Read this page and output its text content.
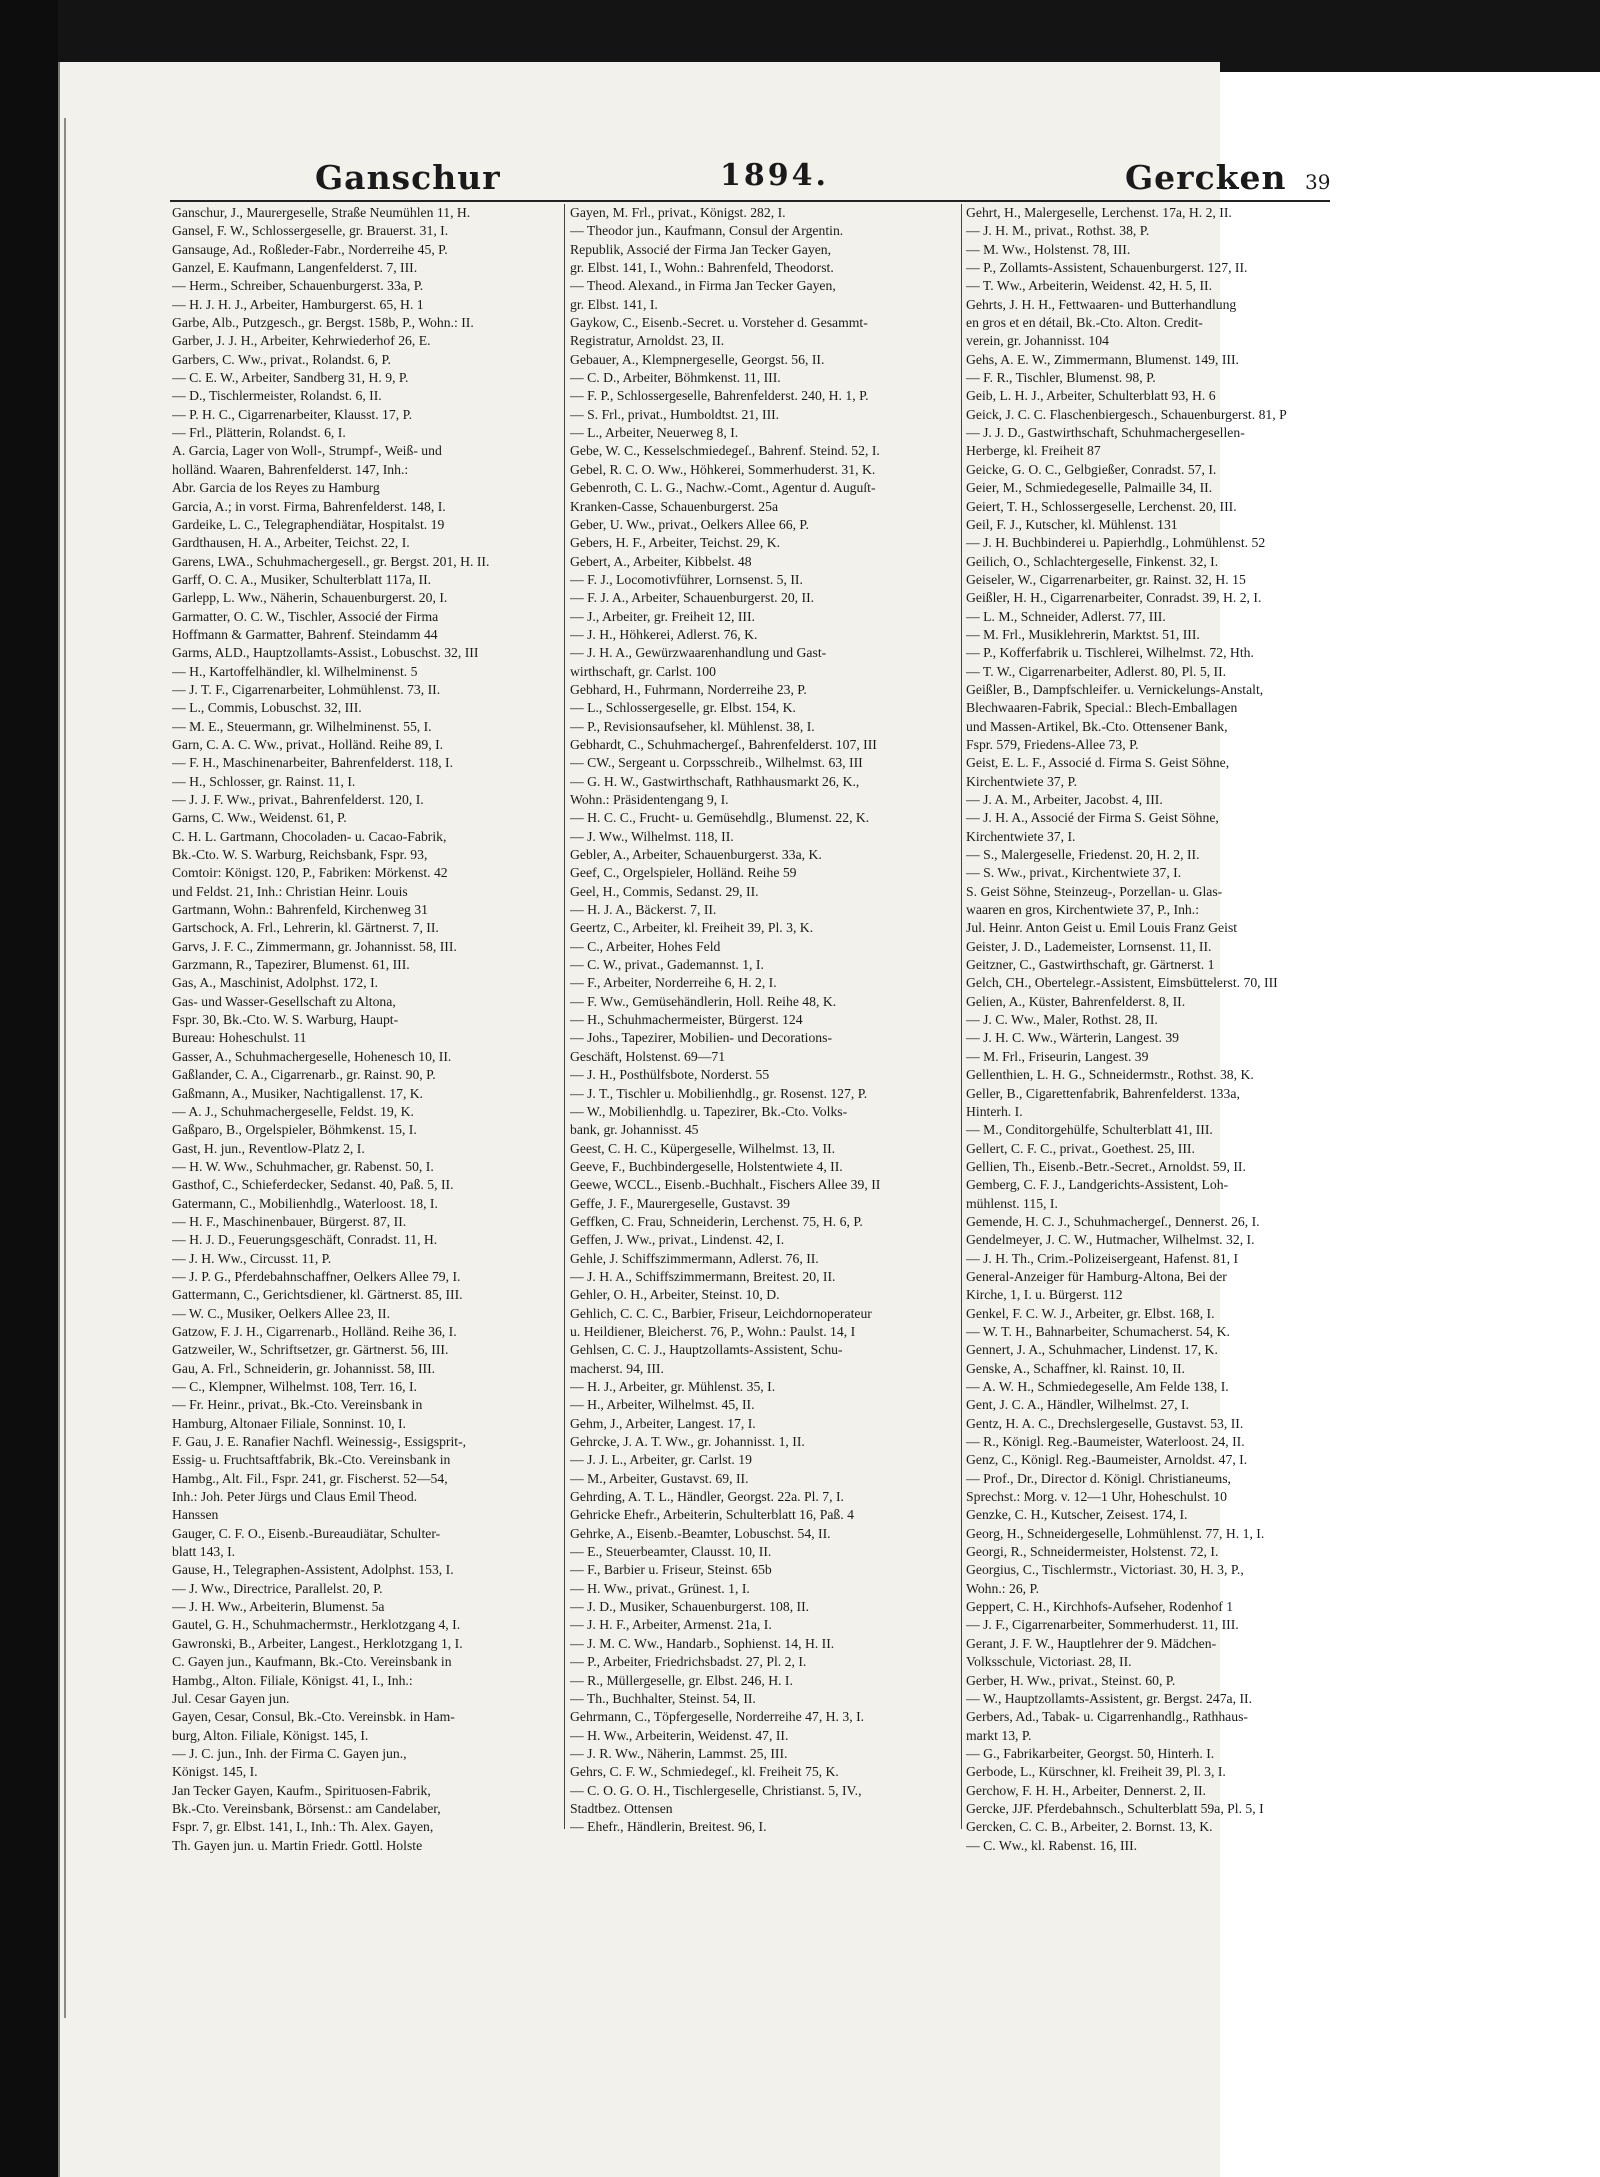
Ganschur	1894.	Gercken 39
Ganschur, J., Maurergeselle, Straße Neumühlen 11, H.
Gansel, F. W., Schlossergeselle, gr. Brauerst. 31, I.
Gansauge, Ad., Roßleder-Fabr., Norderreihe 45, P.
Ganzel, E. Kaufmann, Langenfelderst. 7, III.
— Herm., Schreiber, Schauenburgerst. 33a, P.
— H. J. H. J., Arbeiter, Hamburgerst. 65, H. 1
Garbe, Alb., Putzgesch., gr. Bergst. 158b, P., Wohn.: II.
Garber, J. J. H., Arbeiter, Kehrwiederhof 26, E.
Garbers, C. Ww., privat., Rolandst. 6, P.
— C. E. W., Arbeiter, Sandberg 31, H. 9, P.
— D., Tischlermeister, Rolandst. 6, II.
— P. H. C., Cigarrenarbeiter, Klausst. 17, P.
— Frl., Plätterin, Rolandst. 6, I.
A. Garcia, Lager von Woll-, Strumpf-, Weiß- und
holländ. Waaren, Bahrenfelderst. 147, Inh.:
Abr. Garcia de los Reyes zu Hamburg
Garcia, A.; in vorst. Firma, Bahrenfelderst. 148, I.
Gardeike, L. C., Telegraphendiätar, Hospitalst. 19
Gardthausen, H. A., Arbeiter, Teichst. 22, I.
Garens, LWA., Schuhmachergesell., gr. Bergst. 201, H. II.
Garff, O. C. A., Musiker, Schulterblatt 117a, II.
Garlepp, L. Ww., Näherin, Schauenburgerst. 20, I.
Garmatter, O. C. W., Tischler, Associé der Firma
Hoffmann & Garmatter, Bahrenf. Steindamm 44
Garms, ALD., Hauptzollamts-Assist., Lobuschst. 32, III
— H., Kartoffelhändler, kl. Wilhelminenst. 5
— J. T. F., Cigarrenarbeiter, Lohmühlenst. 73, II.
— L., Commis, Lobuschst. 32, III.
— M. E., Steuermann, gr. Wilhelminenst. 55, I.
Garn, C. A. C. Ww., privat., Holländ. Reihe 89, I.
— F. H., Maschinenarbeiter, Bahrenfelderst. 118, I.
— H., Schlosser, gr. Rainst. 11, I.
— J. J. F. Ww., privat., Bahrenfelderst. 120, I.
Garns, C. Ww., Weidenst. 61, P.
C. H. L. Gartmann, Chocoladen- u. Cacao-Fabrik,
Bk.-Cto. W. S. Warburg, Reichsbank, Fspr. 93,
Comtoir: Königst. 120, P., Fabriken: Mörkenst. 42
und Feldst. 21, Inh.: Christian Heinr. Louis
Gartmann, Wohn.: Bahrenfeld, Kirchenweg 31
Gartschock, A. Frl., Lehrerin, kl. Gärtnerst. 7, II.
Garvs, J. F. C., Zimmermann, gr. Johannisst. 58, III.
Garzmann, R., Tapezirer, Blumenst. 61, III.
Gas, A., Maschinist, Adolphst. 172, I.
Gas- und Wasser-Gesellschaft zu Altona,
Fspr. 30, Bk.-Cto. W. S. Warburg, Haupt-
Bureau: Hoheschulst. 11
Gasser, A., Schuhmachergeselle, Hohenesch 10, II.
Gaßlander, C. A., Cigarrenarb., gr. Rainst. 90, P.
Gaßmann, A., Musiker, Nachtigallenst. 17, K.
— A. J., Schuhmachergeselle, Feldst. 19, K.
Gaßparo, B., Orgelspieler, Böhmkenst. 15, I.
Gast, H. jun., Reventlow-Platz 2, I.
— H. W. Ww., Schuhmacher, gr. Rabenst. 50, I.
Gasthof, C., Schieferdecker, Sedanst. 40, Paß. 5, II.
Gatermann, C., Mobilienhdlg., Waterloost. 18, I.
— H. F., Maschinenbauer, Bürgerst. 87, II.
— H. J. D., Feuerungsgeschäft, Conradst. 11, H.
— J. H. Ww., Circusst. 11, P.
— J. P. G., Pferdebahnschaffner, Oelkers Allee 79, I.
Gattermann, C., Gerichtsdiener, kl. Gärtnerst. 85, III.
— W. C., Musiker, Oelkers Allee 23, II.
Gatzow, F. J. H., Cigarrenarb., Holländ. Reihe 36, I.
Gatzweiler, W., Schriftsetzer, gr. Gärtnerst. 56, III.
Gau, A. Frl., Schneiderin, gr. Johannisst. 58, III.
— C., Klempner, Wilhelmst. 108, Terr. 16, I.
— Fr. Heinr., privat., Bk.-Cto. Vereinsbank in
Hamburg, Altonaer Filiale, Sonninst. 10, I.
F. Gau, J. E. Ranafier Nachfl. Weinessig-, Essigsprit-,
Essig- u. Fruchtsaftfabrik, Bk.-Cto. Vereinsbank in
Hambg., Alt. Fil., Fspr. 241, gr. Fischerst. 52—54,
Inh.: Joh. Peter Jürgs und Claus Emil Theod.
Hanssen
Gauger, C. F. O., Eisenb.-Bureaudiätar, Schulter-
blatt 143, I.
Gause, H., Telegraphen-Assistent, Adolphst. 153, I.
— J. Ww., Directrice, Parallelst. 20, P.
— J. H. Ww., Arbeiterin, Blumenst. 5a
Gautel, G. H., Schuhmachermstr., Herklotzgang 4, I.
Gawronski, B., Arbeiter, Langest., Herklotzgang 1, I.
C. Gayen jun., Kaufmann, Bk.-Cto. Vereinsbank in
Hambg., Alton. Filiale, Königst. 41, I., Inh.:
Jul. Cesar Gayen jun.
Gayen, Cesar, Consul, Bk.-Cto. Vereinsbk. in Ham-
burg, Alton. Filiale, Königst. 145, I.
— J. C. jun., Inh. der Firma C. Gayen jun.,
Königst. 145, I.
Jan Tecker Gayen, Kaufm., Spirituosen-Fabrik,
Bk.-Cto. Vereinsbank, Börsenst.: am Candelaber,
Fspr. 7, gr. Elbst. 141, I., Inh.: Th. Alex. Gayen,
Th. Gayen jun. u. Martin Friedr. Gottl. Holste
Gayen, M. Frl., privat., Königst. 282, I.
— Theodor jun., Kaufmann, Consul der Argentin.
Republik, Associé der Firma Jan Tecker Gayen,
gr. Elbst. 141, I., Wohn.: Bahrenfeld, Theodorst.
— Theod. Alexand., in Firma Jan Tecker Gayen,
gr. Elbst. 141, I.
Gaykow, C., Eisenb.-Secret. u. Vorsteher d. Gesammt-
Registratur, Arnoldst. 23, II.
Gebauer, A., Klempnergeselle, Georgst. 56, II.
— C. D., Arbeiter, Böhmkenst. 11, III.
— F. P., Schlossergeselle, Bahrenfelderst. 240, H. 1, P.
— S. Frl., privat., Humboldtst. 21, III.
— L., Arbeiter, Neuerweg 8, I.
Gebe, W. C., Kesselschmiedegeſ., Bahrenf. Steind. 52, I.
Gebel, R. C. O. Ww., Höhkerei, Sommerhuderst. 31, K.
Gebenroth, C. L. G., Nachw.-Comt., Agentur d. Auguſt-
Kranken-Casse, Schauenburgerst. 25a
Geber, U. Ww., privat., Oelkers Allee 66, P.
Gebers, H. F., Arbeiter, Teichst. 29, K.
Gebert, A., Arbeiter, Kibbelst. 48
— F. J., Locomotivführer, Lornsenst. 5, II.
— F. J. A., Arbeiter, Schauenburgerst. 20, II.
— J., Arbeiter, gr. Freiheit 12, III.
— J. H., Höhkerei, Adlerst. 76, K.
— J. H. A., Gewürzwaarenhandlung und Gast-
wirthschaft, gr. Carlst. 100
Gebhard, H., Fuhrmann, Norderreihe 23, P.
— L., Schlossergeselle, gr. Elbst. 154, K.
— P., Revisionsaufseher, kl. Mühlenst. 38, I.
Gebhardt, C., Schuhmachergeſ., Bahrenfelderst. 107, III
— CW., Sergeant u. Corpsschreib., Wilhelmst. 63, III
— G. H. W., Gastwirthschaft, Rathhausmarkt 26, K.,
Wohn.: Präsidentengang 9, I.
— H. C. C., Frucht- u. Gemüsehdlg., Blumenst. 22, K.
— J. Ww., Wilhelmst. 118, II.
Gebler, A., Arbeiter, Schauenburgerst. 33a, K.
Geef, C., Orgelspieler, Holländ. Reihe 59
Geel, H., Commis, Sedanst. 29, II.
— H. J. A., Bäckerst. 7, II.
Geertz, C., Arbeiter, kl. Freiheit 39, Pl. 3, K.
— C., Arbeiter, Hohes Feld
— C. W., privat., Gademannst. 1, I.
— F., Arbeiter, Norderreihe 6, H. 2, I.
— F. Ww., Gemüsehändlerin, Holl. Reihe 48, K.
— H., Schuhmachermeister, Bürgerst. 124
— Johs., Tapezirer, Mobilien- und Decorations-
Geschäft, Holstenst. 69—71
— J. H., Posthülfsbote, Norderst. 55
— J. T., Tischler u. Mobilienhdlg., gr. Rosenst. 127, P.
— W., Mobilienhdlg. u. Tapezirer, Bk.-Cto. Volks-
bank, gr. Johannisst. 45
Geest, C. H. C., Küpergeselle, Wilhelmst. 13, II.
Geeve, F., Buchbindergeselle, Holstentwiete 4, II.
Geewe, WCCL., Eisenb.-Buchhalt., Fischers Allee 39, II
Geffe, J. F., Maurergeselle, Gustavst. 39
Geffken, C. Frau, Schneiderin, Lerchenst. 75, H. 6, P.
Geffen, J. Ww., privat., Lindenst. 42, I.
Gehle, J. Schiffszimmermann, Adlerst. 76, II.
— J. H. A., Schiffszimmermann, Breitest. 20, II.
Gehler, O. H., Arbeiter, Steinst. 10, D.
Gehlich, C. C. C., Barbier, Friseur, Leichdornoperateur
u. Heildiener, Bleicherst. 76, P., Wohn.: Paulst. 14, I
Gehlsen, C. C. J., Hauptzollamts-Assistent, Schu-
macherst. 94, III.
— H. J., Arbeiter, gr. Mühlenst. 35, I.
— H., Arbeiter, Wilhelmst. 45, II.
Gehm, J., Arbeiter, Langest. 17, I.
Gehrcke, J. A. T. Ww., gr. Johannisst. 1, II.
— J. J. L., Arbeiter, gr. Carlst. 19
— M., Arbeiter, Gustavst. 69, II.
Gehrding, A. T. L., Händler, Georgst. 22a. Pl. 7, I.
Gehricke Ehefr., Arbeiterin, Schulterblatt 16, Paß. 4
Gehrke, A., Eisenb.-Beamter, Lobuschst. 54, II.
— E., Steuerbeamter, Clausst. 10, II.
— F., Barbier u. Friseur, Steinst. 65b
— H. Ww., privat., Grünest. 1, I.
— J. D., Musiker, Schauenburgerst. 108, II.
— J. H. F., Arbeiter, Armenst. 21a, I.
— J. M. C. Ww., Handarb., Sophienst. 14, H. II.
— P., Arbeiter, Friedrichsbadst. 27, Pl. 2, I.
— R., Müllergeselle, gr. Elbst. 246, H. I.
— Th., Buchhalter, Steinst. 54, II.
Gehrmann, C., Töpfergeselle, Norderreihe 47, H. 3, I.
— H. Ww., Arbeiterin, Weidenst. 47, II.
— J. R. Ww., Näherin, Lammst. 25, III.
Gehrs, C. F. W., Schmiedegeſ., kl. Freiheit 75, K.
— C. O. G. O. H., Tischlergeselle, Christianst. 5, IV.,
Stadtbez. Ottensen
— Ehefr., Händlerin, Breitest. 96, I.
Gehrt, H., Malergeselle, Lerchenst. 17a, H. 2, II.
— J. H. M., privat., Rothst. 38, P.
— M. Ww., Holstenst. 78, III.
— P., Zollamts-Assistent, Schauenburgerst. 127, II.
— T. Ww., Arbeiterin, Weidenst. 42, H. 5, II.
Gehrts, J. H. H., Fettwaaren- und Butterhandlung
en gros et en détail, Bk.-Cto. Alton. Credit-
verein, gr. Johannisst. 104
Gehs, A. E. W., Zimmermann, Blumenst. 149, III.
— F. R., Tischler, Blumenst. 98, P.
Geib, L. H. J., Arbeiter, Schulterblatt 93, H. 6
Geick, J. C. C. Flaschenbiergesch., Schauenburgerst. 81, P
— J. J. D., Gastwirthschaft, Schuhmachergesellen-
Herberge, kl. Freiheit 87
Geicke, G. O. C., Gelbgießer, Conradst. 57, I.
Geier, M., Schmiedegeselle, Palmaille 34, II.
Geiert, T. H., Schlossergeselle, Lerchenst. 20, III.
Geil, F. J., Kutscher, kl. Mühlenst. 131
— J. H. Buchbinderei u. Papierhdlg., Lohmühlenst. 52
Geilich, O., Schlachtergeselle, Finkenst. 32, I.
Geiseler, W., Cigarrenarbeiter, gr. Rainst. 32, H. 15
Geißler, H. H., Cigarrenarbeiter, Conradst. 39, H. 2, I.
— L. M., Schneider, Adlerst. 77, III.
— M. Frl., Musiklehrerin, Marktst. 51, III.
— P., Kofferfabrik u. Tischlerei, Wilhelmst. 72, Hth.
— T. W., Cigarrenarbeiter, Adlerst. 80, Pl. 5, II.
Geißler, B., Dampfschleifer. u. Vernickelungs-Anstalt,
Blechwaaren-Fabrik, Special.: Blech-Emballagen
und Massen-Artikel, Bk.-Cto. Ottensener Bank,
Fspr. 579, Friedens-Allee 73, P.
Geist, E. L. F., Associé d. Firma S. Geist Söhne,
Kirchentwiete 37, P.
— J. A. M., Arbeiter, Jacobst. 4, III.
— J. H. A., Associé der Firma S. Geist Söhne,
Kirchentwiete 37, I.
— S., Malergeselle, Friedenst. 20, H. 2, II.
— S. Ww., privat., Kirchentwiete 37, I.
S. Geist Söhne, Steinzeug-, Porzellan- u. Glas-
waaren en gros, Kirchentwiete 37, P., Inh.:
Jul. Heinr. Anton Geist u. Emil Louis Franz Geist
Geister, J. D., Lademeister, Lornsenst. 11, II.
Geitzner, C., Gastwirthschaft, gr. Gärtnerst. 1
Gelch, CH., Obertelegr.-Assistent, Eimsbüttelerst. 70, III
Gelien, A., Küster, Bahrenfelderst. 8, II.
— J. C. Ww., Maler, Rothst. 28, II.
— J. H. C. Ww., Wärterin, Langest. 39
— M. Frl., Friseurin, Langest. 39
Gellenthien, L. H. G., Schneidermstr., Rothst. 38, K.
Geller, B., Cigarettenfabrik, Bahrenfelderst. 133a,
Hinterh. I.
— M., Conditorgehülfe, Schulterblatt 41, III.
Gellert, C. F. C., privat., Goethest. 25, III.
Gellien, Th., Eisenb.-Betr.-Secret., Arnoldst. 59, II.
Gemberg, C. F. J., Landgerichts-Assistent, Loh-
mühlenst. 115, I.
Gemende, H. C. J., Schuhmachergeſ., Dennerst. 26, I.
Gendelmeyer, J. C. W., Hutmacher, Wilhelmst. 32, I.
— J. H. Th., Crim.-Polizeisergeant, Hafenst. 81, I
General-Anzeiger für Hamburg-Altona, Bei der
Kirche, 1, I. u. Bürgerst. 112
Genkel, F. C. W. J., Arbeiter, gr. Elbst. 168, I.
— W. T. H., Bahnarbeiter, Schumacherst. 54, K.
Gennert, J. A., Schuhmacher, Lindenst. 17, K.
Genske, A., Schaffner, kl. Rainst. 10, II.
— A. W. H., Schmiedegeselle, Am Felde 138, I.
Gent, J. C. A., Händler, Wilhelmst. 27, I.
Gentz, H. A. C., Drechslergeselle, Gustavst. 53, II.
— R., Königl. Reg.-Baumeister, Waterloost. 24, II.
Genz, C., Königl. Reg.-Baumeister, Arnoldst. 47, I.
— Prof., Dr., Director d. Königl. Christianeums,
Sprechst.: Morg. v. 12—1 Uhr, Hoheschulst. 10
Genzke, C. H., Kutscher, Zeisest. 174, I.
Georg, H., Schneidergeselle, Lohmühlenst. 77, H. 1, I.
Georgi, R., Schneidermeister, Holstenst. 72, I.
Georgius, C., Tischlermstr., Victoriast. 30, H. 3, P.,
Wohn.: 26, P.
Geppert, C. H., Kirchhofs-Aufseher, Rodenhof 1
— J. F., Cigarrenarbeiter, Sommerhuderst. 11, III.
Gerant, J. F. W., Hauptlehrer der 9. Mädchen-
Volksschule, Victoriast. 28, II.
Gerber, H. Ww., privat., Steinst. 60, P.
— W., Hauptzollamts-Assistent, gr. Bergst. 247a, II.
Gerbers, Ad., Tabak- u. Cigarrenhandlg., Rathhaus-
markt 13, P.
— G., Fabrikarbeiter, Georgst. 50, Hinterh. I.
Gerbode, L., Kürschner, kl. Freiheit 39, Pl. 3, I.
Gerchow, F. H. H., Arbeiter, Dennerst. 2, II.
Gercke, JJF. Pferdebahnsch., Schulterblatt 59a, Pl. 5, I
Gercken, C. C. B., Arbeiter, 2. Bornst. 13, K.
— C. Ww., kl. Rabenst. 16, III.
